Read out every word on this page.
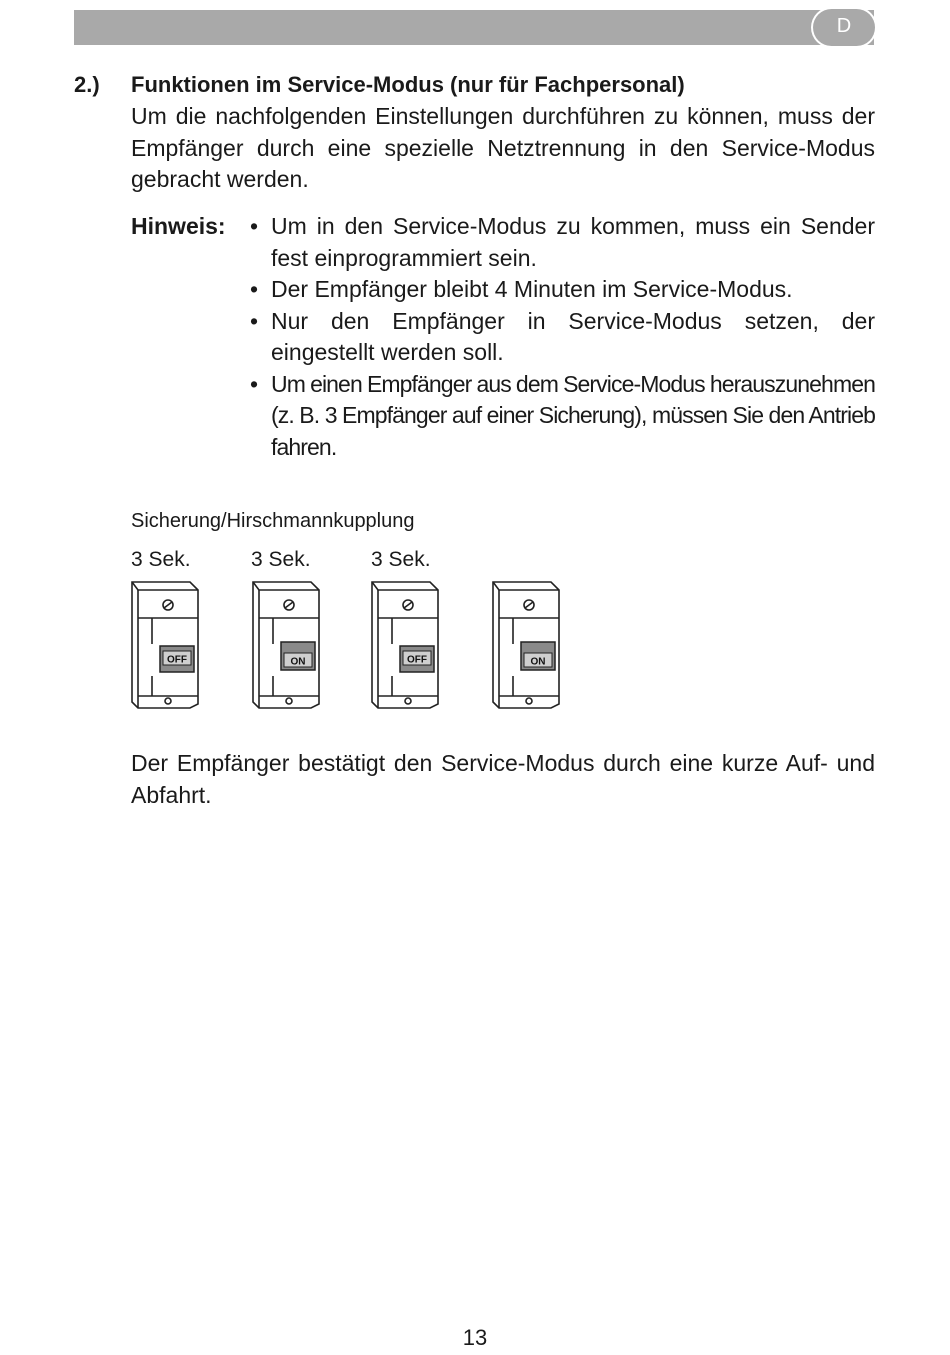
D
2.) Funktionen im Service-Modus (nur für Fachpersonal)
Um die nachfolgenden Einstellungen durchführen zu können, muss der Empfänger durch eine spezielle Netztrennung in den Service-Modus gebracht werden.
Hinweis: • Um in den Service-Modus zu kommen, muss ein Sender fest einprogrammiert sein.
• Der Empfänger bleibt 4 Minuten im Service-Modus.
• Nur den Empfänger in Service-Modus setzen, der eingestellt werden soll.
• Um einen Empfänger aus dem Service-Modus herauszunehmen (z. B. 3 Empfänger auf einer Sicherung), müssen Sie den Antrieb fahren.
Sicherung/Hirschmannkupplung
3 Sek.	3 Sek.	3 Sek.
OFF	ON	OFF	ON
Der Empfänger bestätigt den Service-Modus durch eine kurze Auf- und Abfahrt.
13
